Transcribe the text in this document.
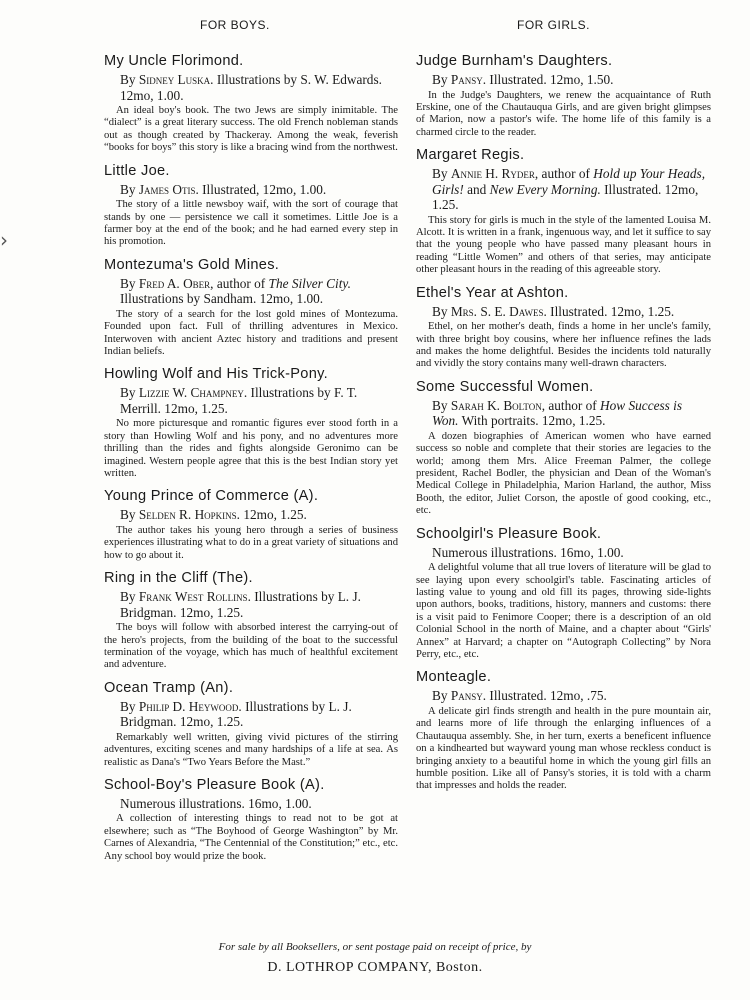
FOR BOYS.	FOR GIRLS.
›
My Uncle Florimond.
By Sidney Luska. Illustrations by S. W. Edwards. 12mo, 1.00.

An ideal boy's book. The two Jews are simply inimitable. The “dialect” is a great literary success. The old French nobleman stands out as though created by Thackeray. Among the weak, feverish “books for boys” this story is like a bracing wind from the northwest.

Little Joe.
By James Otis. Illustrated, 12mo, 1.00.

The story of a little newsboy waif, with the sort of courage that stands by one — persistence we call it sometimes. Little Joe is a farmer boy at the end of the book; and he had earned every step in his promotion.

Montezuma's Gold Mines.
By Fred A. Ober, author of The Silver City. Illustrations by Sandham. 12mo, 1.00.

The story of a search for the lost gold mines of Montezuma. Founded upon fact. Full of thrilling adventures in Mexico. Interwoven with ancient Aztec history and traditions and present Indian beliefs.

Howling Wolf and His Trick-Pony.
By Lizzie W. Champney. Illustrations by F. T. Merrill. 12mo, 1.25.

No more picturesque and romantic figures ever stood forth in a story than Howling Wolf and his pony, and no adventures more thrilling than the rides and fights alongside Geronimo can be imagined. Western people agree that this is the best Indian story yet written.

Young Prince of Commerce (A).
By Selden R. Hopkins. 12mo, 1.25.

The author takes his young hero through a series of business experiences illustrating what to do in a great variety of situations and how to go about it.

Ring in the Cliff (The).
By Frank West Rollins. Illustrations by L. J. Bridgman. 12mo, 1.25.

The boys will follow with absorbed interest the carrying-out of the hero's projects, from the building of the boat to the successful termination of the voyage, which has much of healthful excitement and adventure.

Ocean Tramp (An).
By Philip D. Heywood. Illustrations by L. J. Bridgman. 12mo, 1.25.

Remarkably well written, giving vivid pictures of the stirring adventures, exciting scenes and many hardships of a life at sea. As realistic as Dana's “Two Years Before the Mast.”

School-Boy's Pleasure Book (A).
Numerous illustrations. 16mo, 1.00.

A collection of interesting things to read not to be got at elsewhere; such as “The Boyhood of George Washington” by Mr. Carnes of Alexandria, “The Centennial of the Constitution;” etc., etc. Any school boy would prize the book.

Judge Burnham's Daughters.
By Pansy. Illustrated. 12mo, 1.50.

In the Judge's Daughters, we renew the acquaintance of Ruth Erskine, one of the Chautauqua Girls, and are given bright glimpses of Marion, now a pastor's wife. The home life of this family is a charmed circle to the reader.

Margaret Regis.
By Annie H. Ryder, author of Hold up Your Heads, Girls! and New Every Morning. Illustrated. 12mo, 1.25.

This story for girls is much in the style of the lamented Louisa M. Alcott. It is written in a frank, ingenuous way, and let it suffice to say that the young people who have passed many pleasant hours in reading “Little Women” and others of that series, may anticipate other pleasant hours in the reading of this agreeable story.

Ethel's Year at Ashton.
By Mrs. S. E. Dawes. Illustrated. 12mo, 1.25.

Ethel, on her mother's death, finds a home in her uncle's family, with three bright boy cousins, where her influence refines the lads and makes the home delightful. Besides the incidents told naturally and vividly the story contains many well-drawn characters.

Some Successful Women.
By Sarah K. Bolton, author of How Success is Won. With portraits. 12mo, 1.25.

A dozen biographies of American women who have earned success so noble and complete that their stories are legacies to the world; among them Mrs. Alice Freeman Palmer, the college president, Rachel Bodler, the physician and Dean of the Woman's Medical College in Philadelphia, Marion Harland, the author, Miss Booth, the editor, Juliet Corson, the apostle of good cooking, etc., etc.

Schoolgirl's Pleasure Book.
Numerous illustrations. 16mo, 1.00.

A delightful volume that all true lovers of literature will be glad to see laying upon every schoolgirl's table. Fascinating articles of lasting value to young and old fill its pages, throwing side-lights upon authors, books, traditions, history, manners and customs: there is a visit paid to Fenimore Cooper; there is a description of an old Colonial School in the north of Maine, and a chapter about “Girls' Annex” at Harvard; a chapter on “Autograph Collecting” by Nora Perry, etc., etc.

Monteagle.
By Pansy. Illustrated. 12mo, .75.

A delicate girl finds strength and health in the pure mountain air, and learns more of life through the enlarging influences of a Chautauqua assembly. She, in her turn, exerts a beneficent influence on a kindhearted but wayward young man whose reckless conduct is bringing anxiety to a beautiful home in which the young girl fills an humble position. Like all of Pansy's stories, it is told with a charm that impresses and holds the reader.

For sale by all Booksellers, or sent postage paid on receipt of price, by
D. LOTHROP COMPANY, Boston.
